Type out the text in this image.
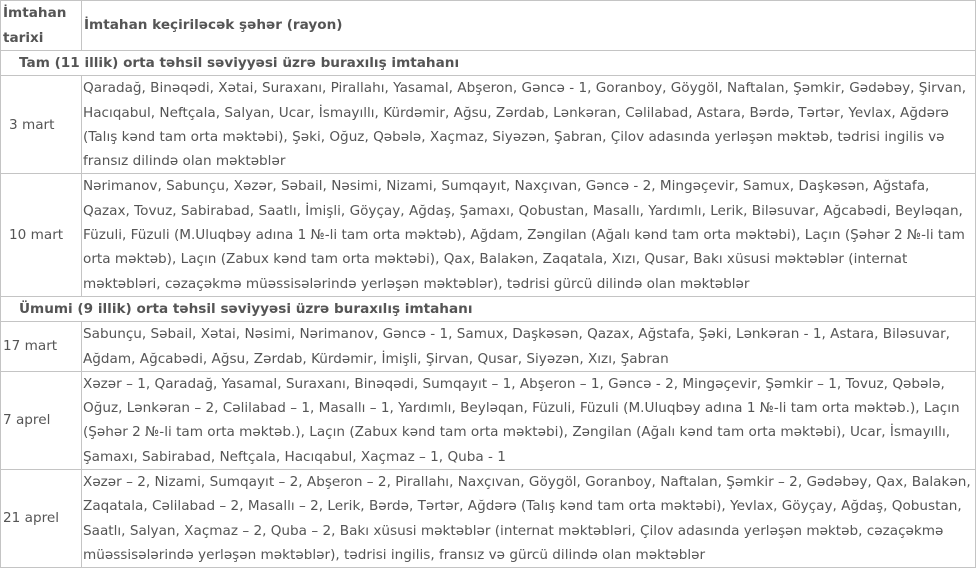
İmtahan tarixi	İmtahan keçiriləcək şəhər (rayon)
Tam (11 illik) orta təhsil səviyyəsi üzrə buraxılış imtahanı	
3 mart	Qaradağ, Binəqədi, Xətai, Suraxanı, Pirallahı, Yasamal, Abşeron, Gəncə - 1, Goranboy, Göygöl, Naftalan, Şəmkir, Gədəbəy, Şirvan, Hacıqabul, Neftçala, Salyan, Ucar, İsmayıllı, Kürdəmir, Ağsu, Zərdab, Lənkəran, Cəlilabad, Astara, Bərdə, Tərtər, Yevlax, Ağdərə (Talış kənd tam orta məktəbi), Şəki, Oğuz, Qəbələ, Xaçmaz, Siyəzən, Şabran, Çilov adasında yerləşən məktəb, tədrisi ingilis və fransız dilində olan məktəblər
10 mart	Nərimanov, Sabunçu, Xəzər, Səbail, Nəsimi, Nizami, Sumqayıt, Naxçıvan, Gəncə - 2, Mingəçevir, Samux, Daşkəsən, Ağstafa, Qazax, Tovuz, Sabirabad, Saatlı, İmişli, Göyçay, Ağdaş, Şamaxı, Qobustan, Masallı, Yardımlı, Lerik, Biləsuvar, Ağcabədi, Beyləqan, Füzuli, Füzuli (M.Uluqbəy adına 1 №-li tam orta məktəb), Ağdam, Zəngilan (Ağalı kənd tam orta məktəbi), Laçın (Şəhər 2 №-li tam orta məktəb), Laçın (Zabux kənd tam orta məktəbi), Qax, Balakən, Zaqatala, Xızı, Qusar, Bakı xüsusi məktəblər (internat məktəbləri, cəzaçəkmə müəssisələrində yerləşən məktəblər), tədrisi gürcü dilində olan məktəblər
Ümumi (9 illik) orta təhsil səviyyəsi üzrə buraxılış imtahanı	
17 mart	Sabunçu, Səbail, Xətai, Nəsimi, Nərimanov, Gəncə - 1, Samux, Daşkəsən, Qazax, Ağstafa, Şəki, Lənkəran - 1, Astara, Biləsuvar, Ağdam, Ağcabədi, Ağsu, Zərdab, Kürdəmir, İmişli, Şirvan, Qusar, Siyəzən, Xızı, Şabran
7 aprel	Xəzər – 1, Qaradağ, Yasamal, Suraxanı, Binəqədi, Sumqayıt – 1, Abşeron – 1, Gəncə - 2, Mingəçevir, Şəmkir – 1, Tovuz, Qəbələ, Oğuz, Lənkəran – 2, Cəlilabad – 1, Masallı – 1, Yardımlı, Beyləqan, Füzuli, Füzuli (M.Uluqbəy adına 1 №-li tam orta məktəb.), Laçın (Şəhər 2 №-li tam orta məktəb.), Laçın (Zabux kənd tam orta məktəbi), Zəngilan (Ağalı kənd tam orta məktəbi), Ucar, İsmayıllı, Şamaxı, Sabirabad, Neftçala, Hacıqabul, Xaçmaz – 1, Quba - 1
21 aprel	Xəzər – 2, Nizami, Sumqayıt – 2, Abşeron – 2, Pirallahı, Naxçıvan, Göygöl, Goranboy, Naftalan, Şəmkir – 2, Gədəbəy, Qax, Balakən, Zaqatala, Cəlilabad – 2, Masallı – 2, Lerik, Bərdə, Tərtər, Ağdərə (Talış kənd tam orta məktəbi), Yevlax, Göyçay, Ağdaş, Qobustan, Saatlı, Salyan, Xaçmaz – 2, Quba – 2, Bakı xüsusi məktəblər (internat məktəbləri, Çilov adasında yerləşən məktəb, cəzaçəkmə müəssisələrində yerləşən məktəblər), tədrisi ingilis, fransız və gürcü dilində olan məktəblər
